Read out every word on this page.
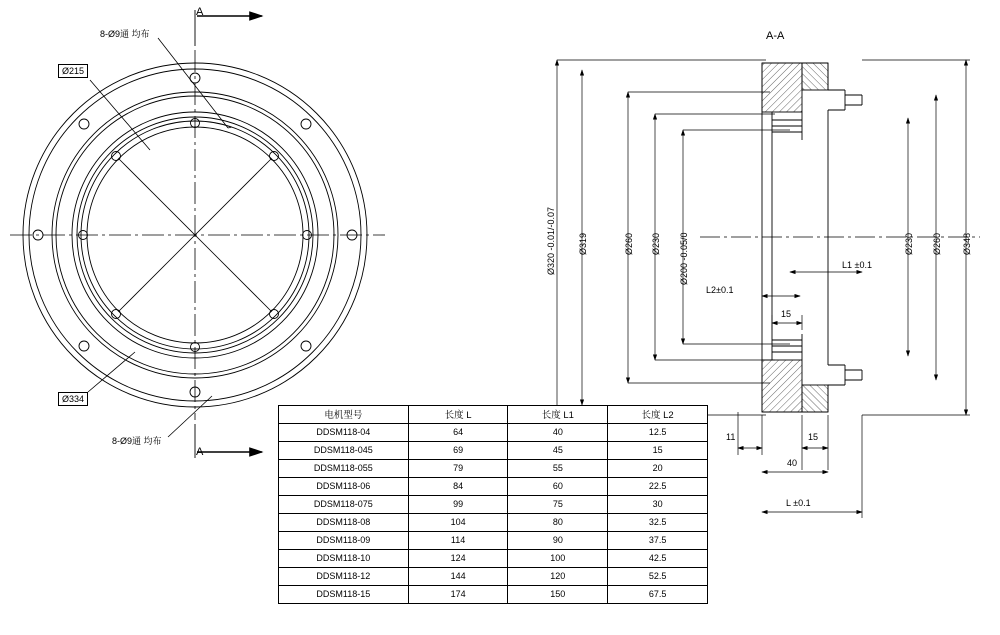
8-Ø9通 均布
Ø215
Ø334
8-Ø9通 均布
A
A
A-A
Ø320 -0.01/-0.07 Ø319	Ø260 Ø230 Ø200 -0.05/0	Ø230 Ø260 Ø348
L1 ±0.1
L2±0.1
15
15
11
40
L ±0.1
电机型号	长度 L	长度 L1	长度 L2
DDSM118-04	64	40	12.5
DDSM118-045	69	45	15
DDSM118-055	79	55	20
DDSM118-06	84	60	22.5
DDSM118-075	99	75	30
DDSM118-08	104	80	32.5
DDSM118-09	114	90	37.5
DDSM118-10	124	100	42.5
DDSM118-12	144	120	52.5
DDSM118-15	174	150	67.5
